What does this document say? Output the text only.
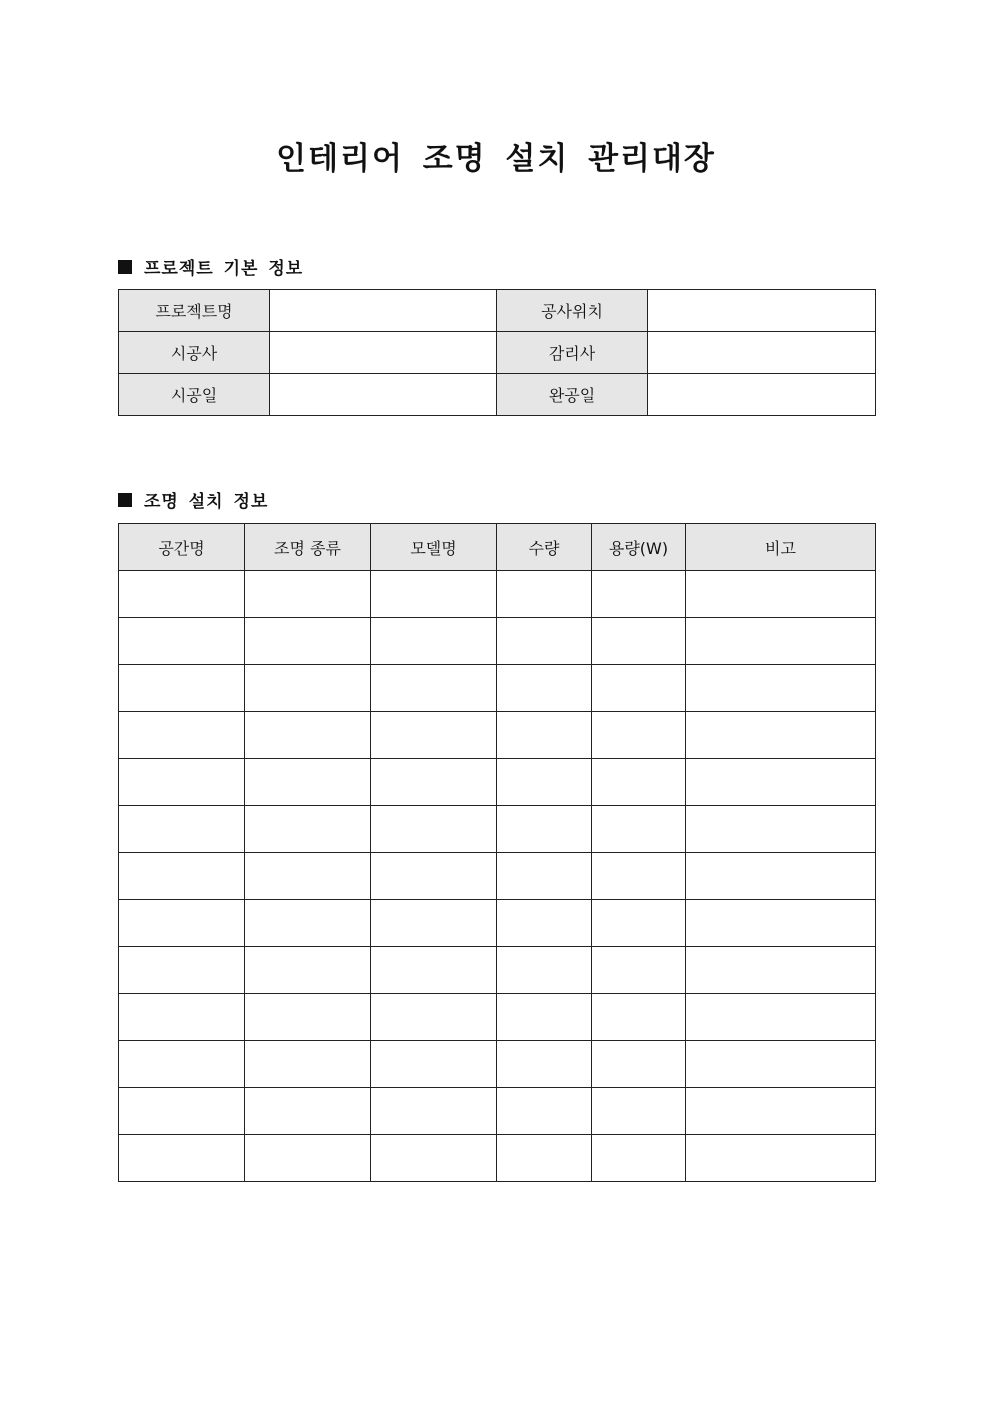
인테리어 조명 설치 관리대장
프로젝트 기본 정보
프로젝트명		공사위치	
시공사		감리사	
시공일		완공일	
조명 설치 정보
공간명	조명 종류	모델명	수량	용량(W)	비고
